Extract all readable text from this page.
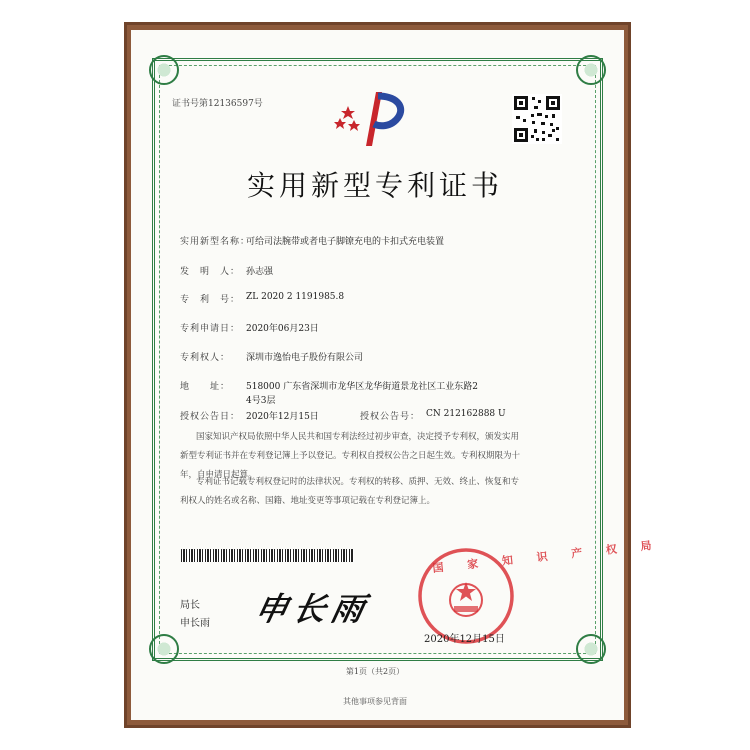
证书号第12136597号
实用新型专利证书
实用新型名称：
可给司法腕带或者电子脚镣充电的卡扣式充电装置
发　明　人： 孙志强
专　利　号： ZL 2020 2 1191985.8
专利申请日： 2020年06月23日
专利权人： 深圳市逸怡电子股份有限公司
地　　址： 518000 广东省深圳市龙华区龙华街道景龙社区工业东路2
4号3层
授权公告日： 2020年12月15日	授权公告号： CN 212162888 U
国家知识产权局依照中华人民共和国专利法经过初步审查，决定授予专利权，颁发实用
新型专利证书并在专利登记簿上予以登记。专利权自授权公告之日起生效。专利权期限为十
年，自申请日起算。
专利证书记载专利权登记时的法律状况。专利权的转移、质押、无效、终止、恢复和专
利权人的姓名或名称、国籍、地址变更等事项记载在专利登记簿上。
局长
申长雨 申长雨
国 家 知 识 产 权 局
2020年12月15日
第1页（共2页）
其他事项参见背面
